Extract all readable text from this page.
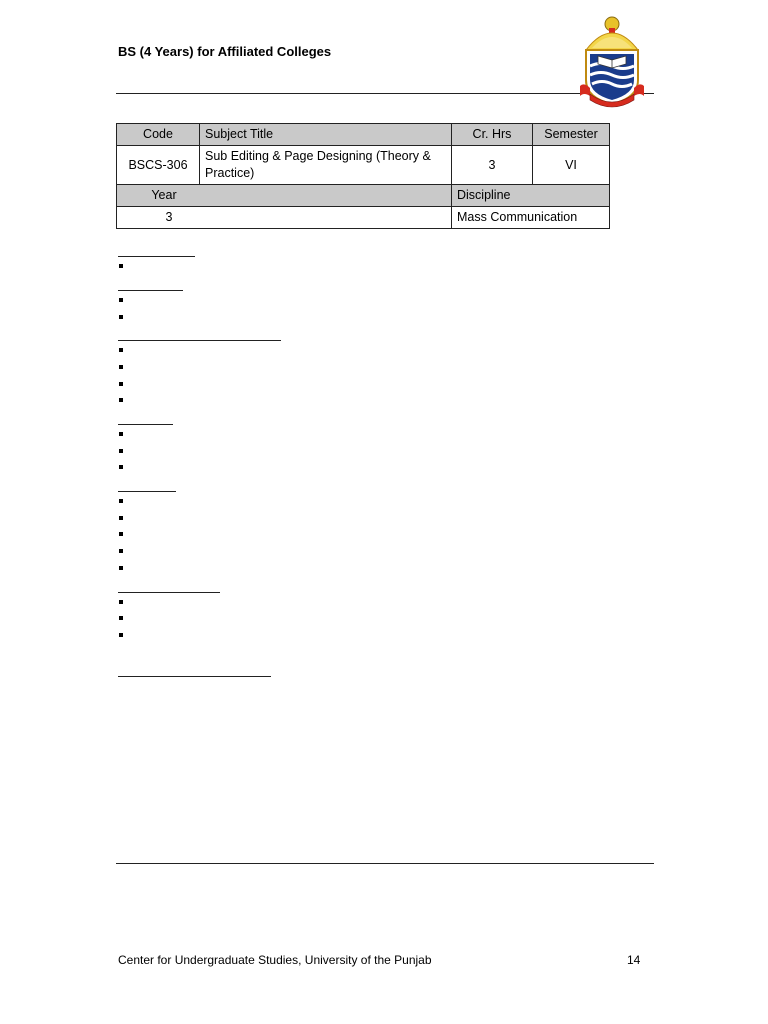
BS (4 Years) for Affiliated Colleges
Code	Subject Title	Cr. Hrs	Semester
BSCS-306	Sub Editing & Page Designing (Theory & Practice)	3	VI

Year		Discipline	

3		Mass Communication	
Center for Undergraduate Studies, University of the Punjab	14
